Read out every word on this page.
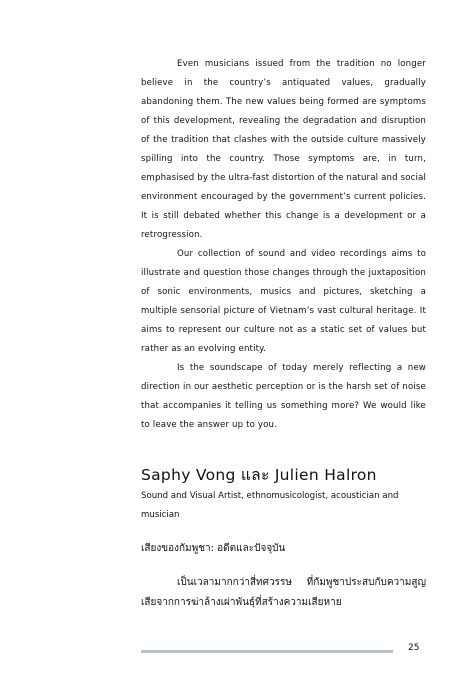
Even musicians issued from the tradition no longer believe in the country’s antiquated values, gradually abandoning them. The new values being formed are symptoms of this development, revealing the degradation and disruption of the tradition that clashes with the outside culture massively spilling into the country. Those symptoms are, in turn, emphasised by the ultra-fast distortion of the natural and social environment encouraged by the government’s current policies. It is still debated whether this change is a development or a retrogression.

Our collection of sound and video recordings aims to illustrate and question those changes through the juxtaposition of sonic environments, musics and pictures, sketching a multiple sensorial picture of Vietnam’s vast cultural heritage. It aims to represent our culture not as a static set of values but rather as an evolving entity.

Is the soundscape of today merely reflecting a new direction in our aesthetic perception or is the harsh set of noise that accompanies it telling us something more? We would like to leave the answer up to you.

Saphy Vong และ Julien Halron
Sound and Visual Artist, ethnomusicologist, acoustician and musician
เสียงของกัมพูชา: อดีตและปัจจุบัน

เป็นเวลามากกว่าสี่ทศวรรษ ที่กัมพูชาประสบกับความสูญเสียจากการฆ่าล้างเผ่าพันธุ์ที่สร้างความเสียหาย

25
